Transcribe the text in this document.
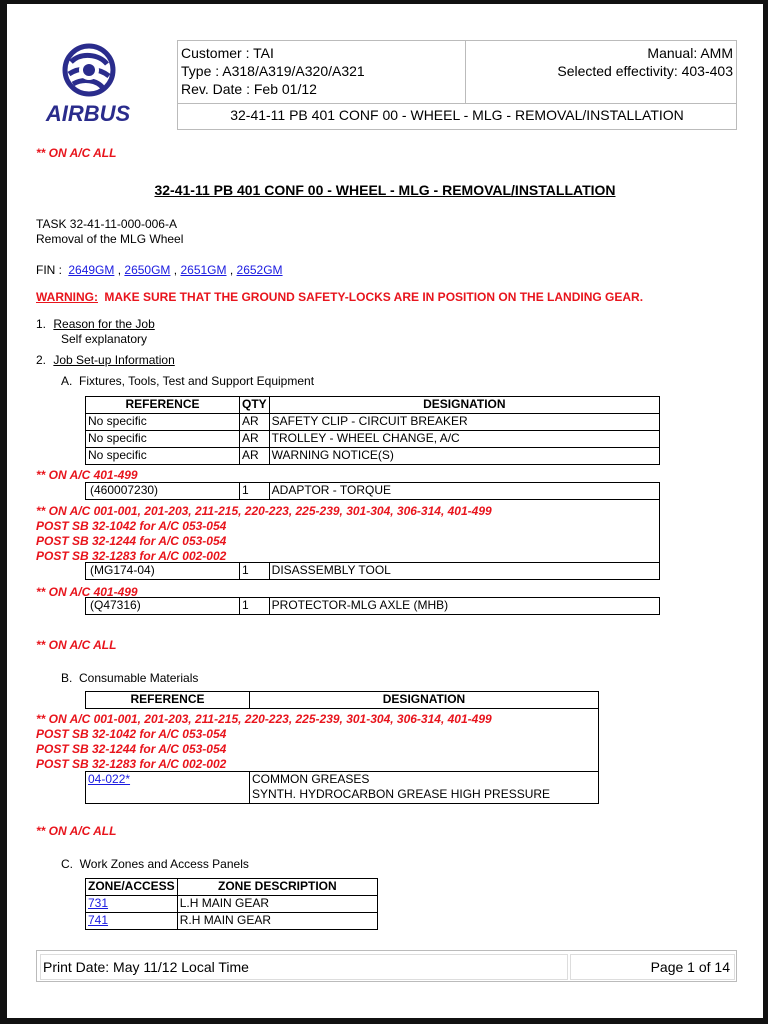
AIRBUS
Customer : TAI
Type : A318/A319/A320/A321
Rev. Date : Feb 01/12
Manual: AMM
Selected effectivity: 403-403
32-41-11 PB 401 CONF 00 - WHEEL - MLG - REMOVAL/INSTALLATION
** ON A/C ALL
32-41-11 PB 401 CONF 00 - WHEEL - MLG - REMOVAL/INSTALLATION
TASK 32-41-11-000-006-A
Removal of the MLG Wheel
FIN : 2649GM , 2650GM , 2651GM , 2652GM
WARNING: MAKE SURE THAT THE GROUND SAFETY-LOCKS ARE IN POSITION ON THE LANDING GEAR.
1. Reason for the Job
Self explanatory
2. Job Set-up Information
A.  Fixtures, Tools, Test and Support Equipment
REFERENCE	QTY	DESIGNATION
No specific	AR	SAFETY CLIP - CIRCUIT BREAKER
No specific	AR	TROLLEY - WHEEL CHANGE, A/C
No specific	AR	WARNING NOTICE(S)

(460007230)	1	ADAPTOR - TORQUE

(MG174-04)	1	DISASSEMBLY TOOL

(Q47316)	1	PROTECTOR-MLG AXLE (MHB)
** ON A/C 401-499
** ON A/C 001-001, 201-203, 211-215, 220-223, 225-239, 301-304, 306-314, 401-499
POST SB 32-1042 for A/C 053-054
POST SB 32-1244 for A/C 053-054
POST SB 32-1283 for A/C 002-002
** ON A/C 401-499
** ON A/C ALL
B.  Consumable Materials
REFERENCE	DESIGNATION

04-022*	COMMON GREASES
SYNTH. HYDROCARBON GREASE HIGH PRESSURE
** ON A/C 001-001, 201-203, 211-215, 220-223, 225-239, 301-304, 306-314, 401-499
POST SB 32-1042 for A/C 053-054
POST SB 32-1244 for A/C 053-054
POST SB 32-1283 for A/C 002-002
** ON A/C ALL
C.  Work Zones and Access Panels
ZONE/ACCESS	ZONE DESCRIPTION
731	L.H MAIN GEAR
741	R.H MAIN GEAR
Print Date: May 11/12 Local Time	Page 1 of 14
